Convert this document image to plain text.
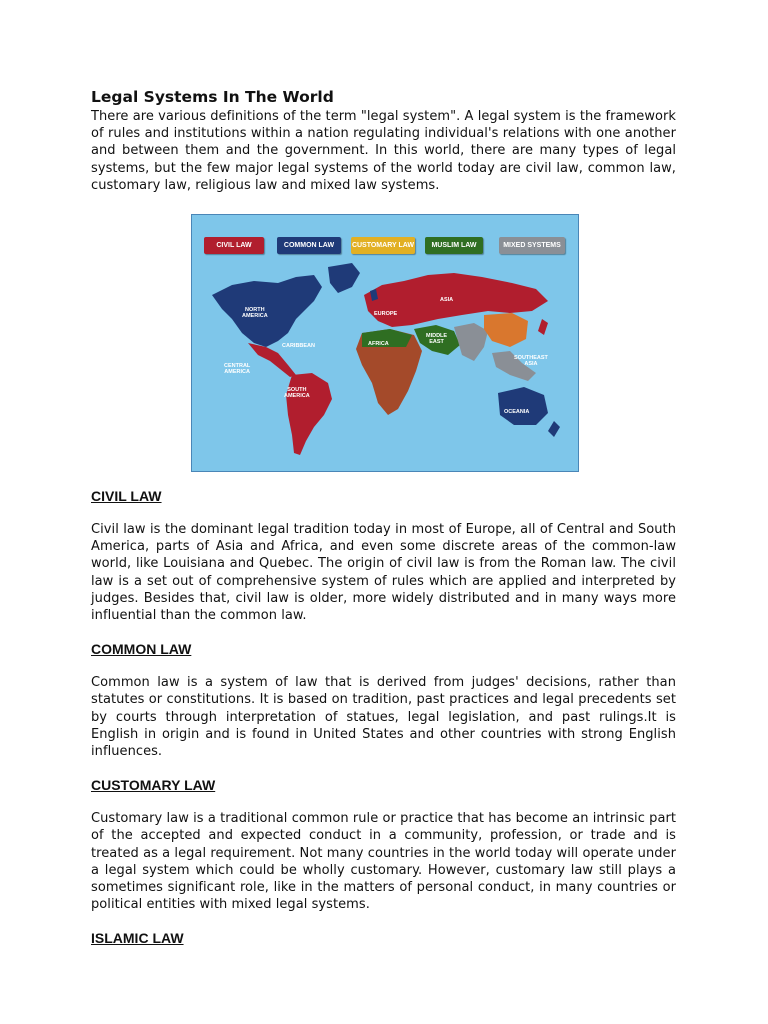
Legal Systems In The World

There are various definitions of the term "legal system". A legal system is the framework of rules and institutions within a nation regulating individual's relations with one another and between them and the government. In this world, there are many types of legal systems, but the few major legal systems of the world today are civil law, common law, customary law, religious law and mixed law systems.

CIVIL LAW	COMMON LAW	CUSTOMARY LAW MUSLIM LAW	MIXED SYSTEMS
NORTH
AMERICA
CARIBBEAN
CENTRAL
AMERICA
SOUTH
AMERICA
EUROPE
AFRICA
MIDDLE
EAST
ASIA
SOUTHEAST
ASIA
OCEANIA
CIVIL LAW

Civil law is the dominant legal tradition today in most of Europe, all of Central and South America, parts of Asia and Africa, and even some discrete areas of the common-law world, like Louisiana and Quebec. The origin of civil law is from the Roman law. The civil law is a set out of comprehensive system of rules which are applied and interpreted by judges. Besides that, civil law is older, more widely distributed and in many ways more influential than the common law.

COMMON LAW

Common law is a system of law that is derived from judges' decisions, rather than statutes or constitutions. It is based on tradition, past practices and legal precedents set by courts through interpretation of statues, legal legislation, and past rulings.It is English in origin and is found in United States and other countries with strong English influences.

CUSTOMARY LAW

Customary law is a traditional common rule or practice that has become an intrinsic part of the accepted and expected conduct in a community, profession, or trade and is treated as a legal requirement. Not many countries in the world today will operate under a legal system which could be wholly customary. However, customary law still plays a sometimes significant role, like in the matters of personal conduct, in many countries or political entities with mixed legal systems.

ISLAMIC LAW
